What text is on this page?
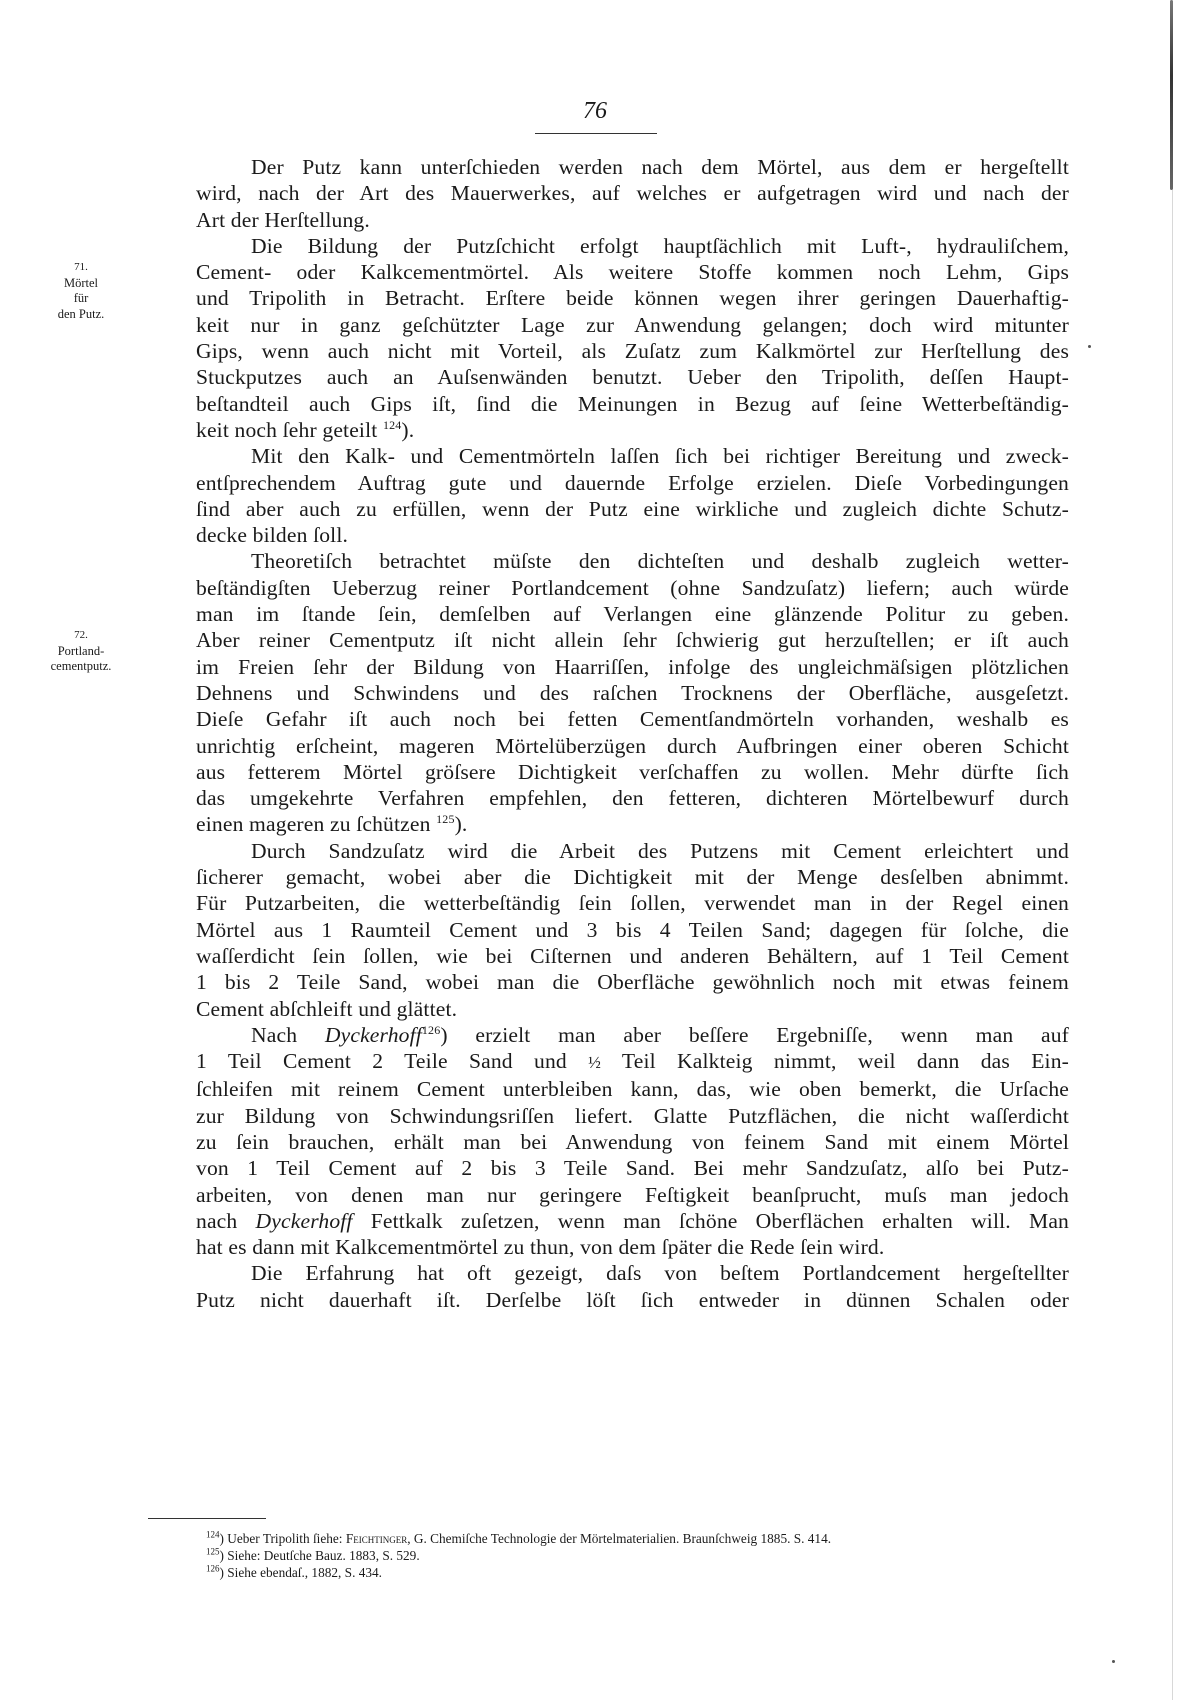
76
71.
Mörtel
für
den Putz.
72.
Portland-
cementputz.
Der Putz kann unterſchieden werden nach dem Mörtel, aus dem er hergeſtellt
wird, nach der Art des Mauerwerkes, auf welches er aufgetragen wird und nach der
Art der Herſtellung.
Die Bildung der Putzſchicht erfolgt hauptſächlich mit Luft-, hydrauliſchem,
Cement- oder Kalkcementmörtel. Als weitere Stoffe kommen noch Lehm, Gips
und Tripolith in Betracht. Erſtere beide können wegen ihrer geringen Dauerhaftig-
keit nur in ganz geſchützter Lage zur Anwendung gelangen; doch wird mitunter
Gips, wenn auch nicht mit Vorteil, als Zuſatz zum Kalkmörtel zur Herſtellung des
Stuckputzes auch an Auſsenwänden benutzt. Ueber den Tripolith, deſſen Haupt-
beſtandteil auch Gips iſt, ſind die Meinungen in Bezug auf ſeine Wetterbeſtändig-
keit noch ſehr geteilt $^{124}$).
Mit den Kalk- und Cementmörteln laſſen ſich bei richtiger Bereitung und zweck-
entſprechendem Auftrag gute und dauernde Erfolge erzielen. Dieſe Vorbedingungen
ſind aber auch zu erfüllen, wenn der Putz eine wirkliche und zugleich dichte Schutz-
decke bilden ſoll.
Theoretiſch betrachtet müſste den dichteſten und deshalb zugleich wetter-
beſtändigſten Ueberzug reiner Portlandcement (ohne Sandzuſatz) liefern; auch würde
man im ſtande ſein, demſelben auf Verlangen eine glänzende Politur zu geben.
Aber reiner Cementputz iſt nicht allein ſehr ſchwierig gut herzuſtellen; er iſt auch
im Freien ſehr der Bildung von Haarriſſen, infolge des ungleichmäſsigen plötzlichen
Dehnens und Schwindens und des raſchen Trocknens der Oberfläche, ausgeſetzt.
Dieſe Gefahr iſt auch noch bei fetten Cementſandmörteln vorhanden, weshalb es
unrichtig erſcheint, mageren Mörtelüberzügen durch Aufbringen einer oberen Schicht
aus fetterem Mörtel gröſsere Dichtigkeit verſchaffen zu wollen. Mehr dürfte ſich
das umgekehrte Verfahren empfehlen, den fetteren, dichteren Mörtelbewurf durch
einen mageren zu ſchützen $^{125}$).
Durch Sandzuſatz wird die Arbeit des Putzens mit Cement erleichtert und
ſicherer gemacht, wobei aber die Dichtigkeit mit der Menge desſelben abnimmt.
Für Putzarbeiten, die wetterbeſtändig ſein ſollen, verwendet man in der Regel einen
Mörtel aus 1 Raumteil Cement und 3 bis 4 Teilen Sand; dagegen für ſolche, die
waſſerdicht ſein ſollen, wie bei Ciſternen und anderen Behältern, auf 1 Teil Cement
1 bis 2 Teile Sand, wobei man die Oberfläche gewöhnlich noch mit etwas feinem
Cement abſchleift und glättet.
Nach Dyckerhoff$^{126}$) erzielt man aber beſſere Ergebniſſe, wenn man auf
1 Teil Cement 2 Teile Sand und ½ Teil Kalkteig nimmt, weil dann das Ein-
ſchleifen mit reinem Cement unterbleiben kann, das, wie oben bemerkt, die Urſache
zur Bildung von Schwindungsriſſen liefert. Glatte Putzflächen, die nicht waſſerdicht
zu ſein brauchen, erhält man bei Anwendung von feinem Sand mit einem Mörtel
von 1 Teil Cement auf 2 bis 3 Teile Sand. Bei mehr Sandzuſatz, alſo bei Putz-
arbeiten, von denen man nur geringere Feſtigkeit beanſprucht, muſs man jedoch
nach Dyckerhoff Fettkalk zuſetzen, wenn man ſchöne Oberflächen erhalten will. Man
hat es dann mit Kalkcementmörtel zu thun, von dem ſpäter die Rede ſein wird.
Die Erfahrung hat oft gezeigt, daſs von beſtem Portlandcement hergeſtellter
Putz nicht dauerhaft iſt. Derſelbe löſt ſich entweder in dünnen Schalen oder
$^{124}$) Ueber Tripolith ſiehe: Feichtinger, G. Chemiſche Technologie der Mörtelmaterialien. Braunſchweig 1885. S. 414.
$^{125}$) Siehe: Deutſche Bauz. 1883, S. 529.
$^{126}$) Siehe ebendaſ., 1882, S. 434.
